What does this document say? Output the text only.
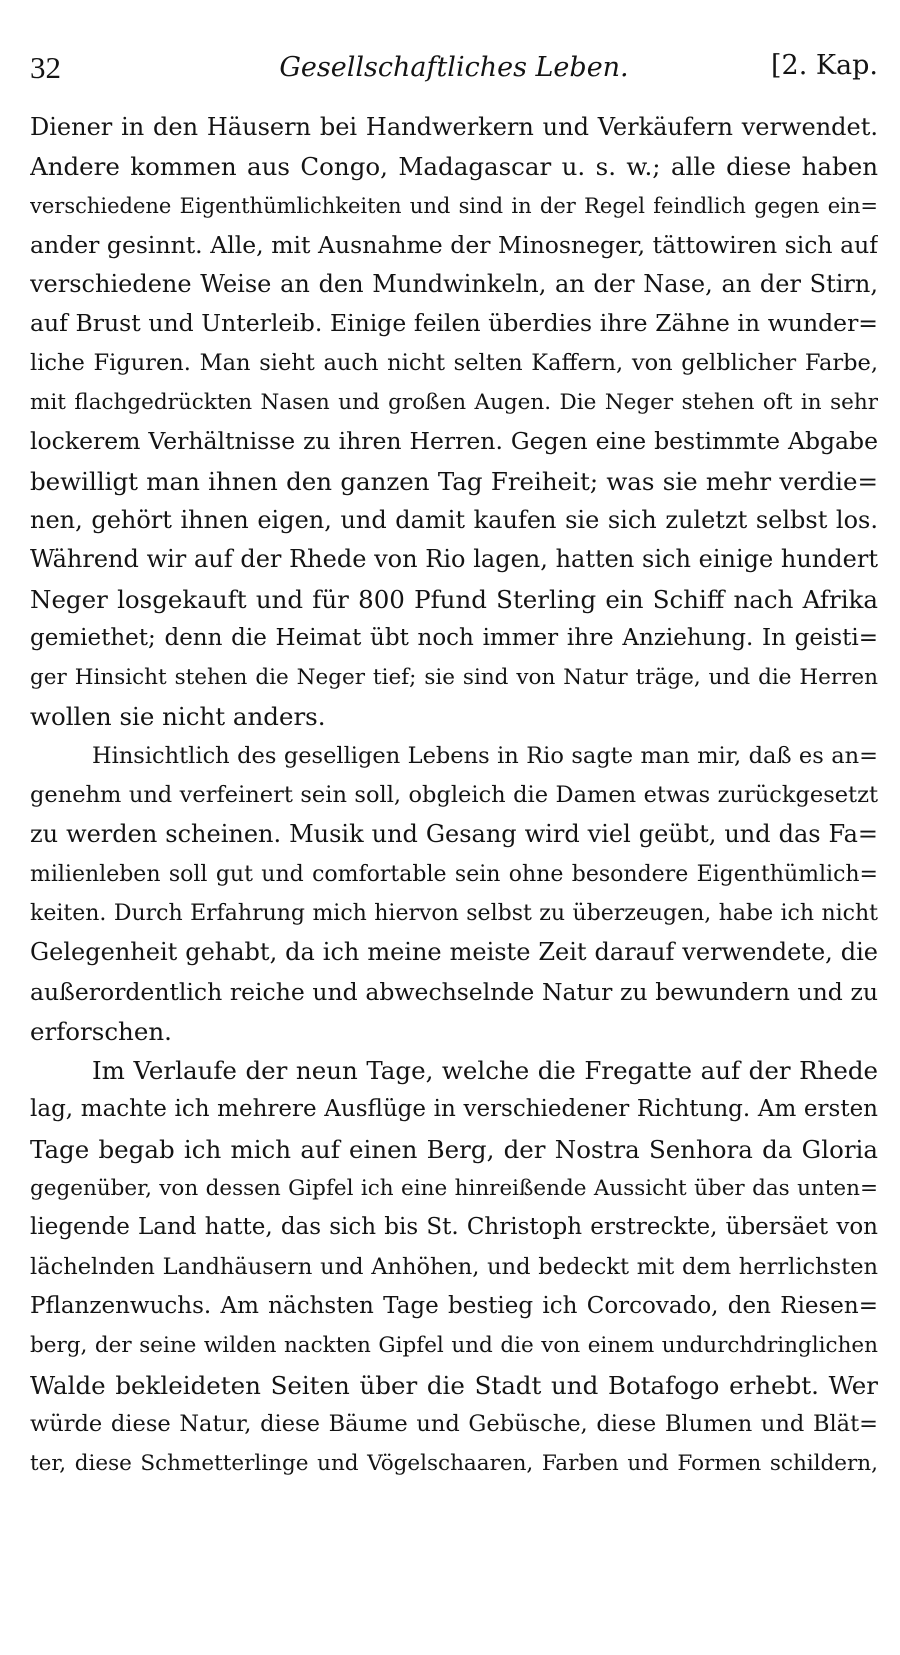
32	Gesellschaftliches Leben.	[2. Kap.
Diener in den Häusern bei Handwerkern und Verkäufern verwendet.
Andere kommen aus Congo, Madagascar u. s. w.; alle diese haben
verschiedene Eigenthümlichkeiten und sind in der Regel feindlich gegen ein=
ander gesinnt. Alle, mit Ausnahme der Minosneger, tättowiren sich auf
verschiedene Weise an den Mundwinkeln, an der Nase, an der Stirn,
auf Brust und Unterleib. Einige feilen überdies ihre Zähne in wunder=
liche Figuren. Man sieht auch nicht selten Kaffern, von gelblicher Farbe,
mit flachgedrückten Nasen und großen Augen. Die Neger stehen oft in sehr
lockerem Verhältnisse zu ihren Herren. Gegen eine bestimmte Abgabe
bewilligt man ihnen den ganzen Tag Freiheit; was sie mehr verdie=
nen, gehört ihnen eigen, und damit kaufen sie sich zuletzt selbst los.
Während wir auf der Rhede von Rio lagen, hatten sich einige hundert
Neger losgekauft und für 800 Pfund Sterling ein Schiff nach Afrika
gemiethet; denn die Heimat übt noch immer ihre Anziehung. In geisti=
ger Hinsicht stehen die Neger tief; sie sind von Natur träge, und die Herren
wollen sie nicht anders.
Hinsichtlich des geselligen Lebens in Rio sagte man mir, daß es an=
genehm und verfeinert sein soll, obgleich die Damen etwas zurückgesetzt
zu werden scheinen. Musik und Gesang wird viel geübt, und das Fa=
milienleben soll gut und comfortable sein ohne besondere Eigenthümlich=
keiten. Durch Erfahrung mich hiervon selbst zu überzeugen, habe ich nicht
Gelegenheit gehabt, da ich meine meiste Zeit darauf verwendete, die
außerordentlich reiche und abwechselnde Natur zu bewundern und zu
erforschen.
Im Verlaufe der neun Tage, welche die Fregatte auf der Rhede
lag, machte ich mehrere Ausflüge in verschiedener Richtung. Am ersten
Tage begab ich mich auf einen Berg, der Nostra Senhora da Gloria
gegenüber, von dessen Gipfel ich eine hinreißende Aussicht über das unten=
liegende Land hatte, das sich bis St. Christoph erstreckte, übersäet von
lächelnden Landhäusern und Anhöhen, und bedeckt mit dem herrlichsten
Pflanzenwuchs. Am nächsten Tage bestieg ich Corcovado, den Riesen=
berg, der seine wilden nackten Gipfel und die von einem undurchdringlichen
Walde bekleideten Seiten über die Stadt und Botafogo erhebt. Wer
würde diese Natur, diese Bäume und Gebüsche, diese Blumen und Blät=
ter, diese Schmetterlinge und Vögelschaaren, Farben und Formen schildern,
